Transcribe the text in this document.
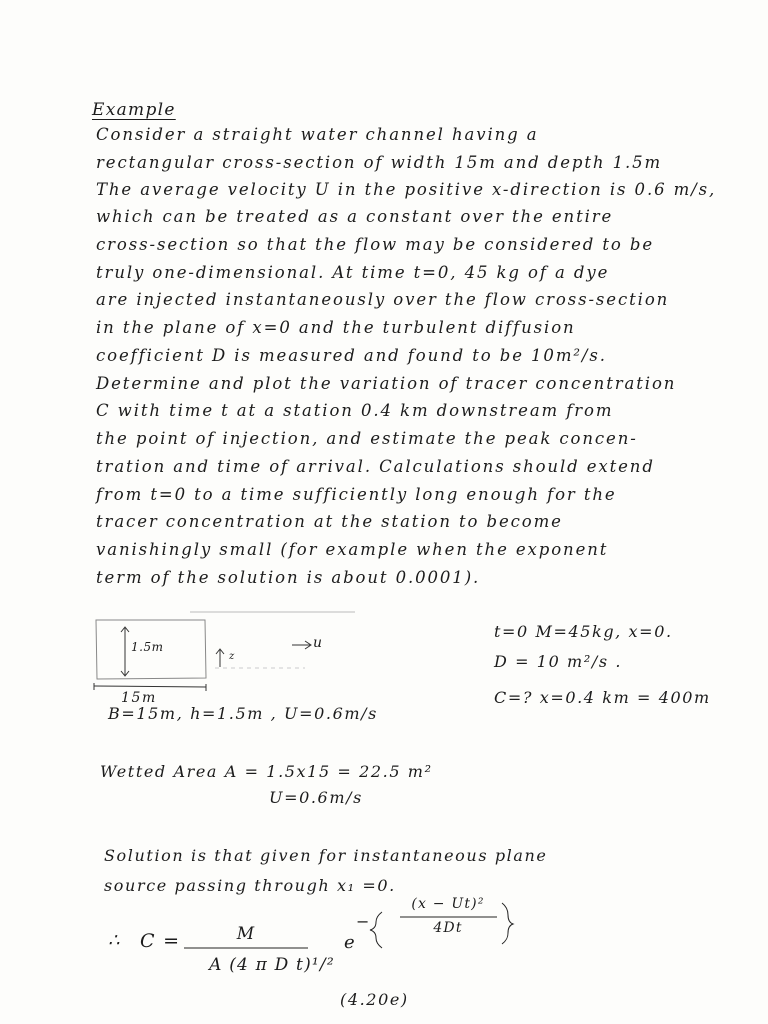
Example
Consider a straight water channel having a
rectangular cross-section of width 15m and depth 1.5m
The average velocity U in the positive x-direction is 0.6 m/s,
which can be treated as a constant over the entire
cross-section so that the flow may be considered to be
truly one-dimensional. At time t=0, 45 kg of a dye
are injected instantaneously over the flow cross-section
in the plane of x=0 and the turbulent diffusion
coefficient D is measured and found to be 10m²/s.
Determine and plot the variation of tracer concentration
C with time t at a station 0.4 km downstream from
the point of injection, and estimate the peak concen-
tration and time of arrival. Calculations should extend
from t=0 to a time sufficiently long enough for the
tracer concentration at the station to become
vanishingly small (for example when the exponent
term of the solution is about 0.0001).
1.5m
z
u
15m
B=15m, h=1.5m , U=0.6m/s
t=0 M=45kg, x=0.
D = 10 m²/s .
C=? x=0.4 km = 400m
Wetted Area A = 1.5x15 = 22.5 m²
U=0.6m/s
Solution is that given for instantaneous plane
source passing through x₁ =0.
∴ C =	M
A (4 π D t)¹/²
e
−
(x − Ut)²
4Dt
(4.20e)
